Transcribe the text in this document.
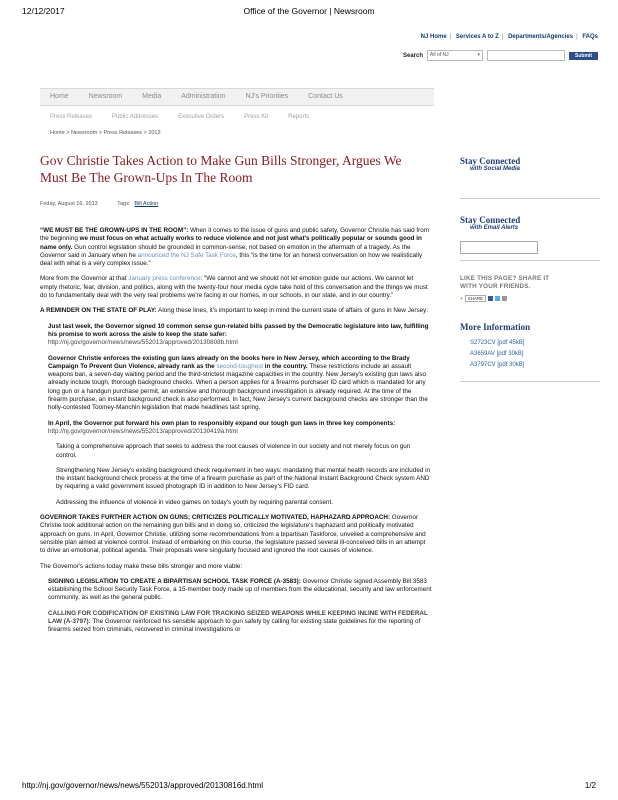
12/12/2017	Office of the Governor | Newsroom
NJ Home | Services A to Z | Departments/Agencies | FAQs
Search	All of NJ ▾	Submit
Home	Newsroom	Media	Administration	NJ's Priorities	Contact Us
Press Releases	Public Addresses	Executive Orders	Press Kit	Reports
Home > Newsroom > Press Releases > 2013
Gov Christie Takes Action to Make Gun Bills Stronger, Argues We Must Be The Grown-Ups In The Room
Friday, August 16, 2013	Tags: Bill Action

“WE MUST BE THE GROWN-UPS IN THE ROOM”: When it comes to the issue of guns and public safety, Governor Christie has said from the beginning we must focus on what actually works to reduce violence and not just what's politically popular or sounds good in name only. Gun control legislation should be grounded in common-sense, not based on emotion in the aftermath of a tragedy. As the Governor said in January when he announced the NJ Safe Task Force, this “is the time for an honest conversation on how we realistically deal with what is a very complex issue.”

More from the Governor at that January press conference: “We cannot and we should not let emotion guide our actions. We cannot let empty rhetoric, fear, division, and politics, along with the twenty-four hour media cycle take hold of this conversation and the things we must do to fundamentally deal with the very real problems we're facing in our homes, in our schools, in our state, and in our country.”

A REMINDER ON THE STATE OF PLAY: Along these lines, it's important to keep in mind the current state of affairs of guns in New Jersey:

Just last week, the Governor signed 10 common sense gun-related bills passed by the Democratic legislature into law, fulfilling his promise to work across the aisle to keep the state safer:
http://nj.gov/governor/news/news/552013/approved/20130808b.html

Governor Christie enforces the existing gun laws already on the books here in New Jersey, which according to the Brady Campaign To Prevent Gun Violence, already rank as the second-toughest in the country. These restrictions include an assault weapons ban, a seven-day waiting period and the third-strictest magazine capacities in the country. New Jersey's existing gun laws also already include tough, thorough background checks. When a person applies for a firearms purchaser ID card which is mandated for any long gun or a handgun purchase permit, an extensive and thorough background investigation is already required. At the time of the firearm purchase, an instant background check is also performed. In fact, New Jersey's current background checks are stronger than the holly-contested Toomey-Manchin legislation that made headlines last spring.

In April, the Governor put forward his own plan to responsibly expand our tough gun laws in three key components: http://nj.gov/governor/news/news/552013/approved/20130419a.html

Taking a comprehensive approach that seeks to address the root causes of violence in our society and not merely focus on gun control.

Strengthening New Jersey's existing background check requirement in two ways: mandating that mental health records are included in the instant background check process at the time of a firearm purchase as part of the National Instant Background Check system AND by requiring a valid government issued photograph ID in addition to New Jersey's FID card.

Addressing the influence of violence in video games on today's youth by requiring parental consent.

GOVERNOR TAKES FURTHER ACTION ON GUNS; CRITICIZES POLITICALLY MOTIVATED, HAPHAZARD APPROACH: Governor Christie took additional action on the remaining gun bills and in doing so, criticized the legislature's haphazard and politically motivated approach on guns. In April, Governor Christie, utilizing some recommendations from a bipartisan Taskforce, unveiled a comprehensive and sensible plan aimed at violence control. Instead of embarking on this course, the legislature passed several ill-conceived bills in an attempt to drive an emotional, political agenda. Their proposals were singularly focused and ignored the root causes of violence.

The Governor's actions today make these bills stronger and more viable:

SIGNING LEGISLATION TO CREATE A BIPARTISAN SCHOOL TASK FORCE (A-3583): Governor Christie signed Assembly Bill 3583 establishing the School Security Task Force, a 15-member body made up of members from the educational, security and law enforcement community, as well as the general public.

CALLING FOR CODIFICATION OF EXISTING LAW FOR TRACKING SEIZED WEAPONS WHILE KEEPING INLINE WITH FEDERAL LAW (A-3797): The Governor reinforced his sensible approach to gun safety by calling for existing state guidelines for the reporting of firearms seized from criminals, recovered in criminal investigations or

Stay Connected
with Social Media
Stay Connected
with Email Alerts
LIKE THIS PAGE? SHARE IT
WITH YOUR FRIENDS.
+	SHARE
More Information
S2723CV [pdf 45kB]
A3659AV [pdf 30kB]
A3797CV [pdf 30kB]
http://nj.gov/governor/news/news/552013/approved/20130816d.html	1/2
